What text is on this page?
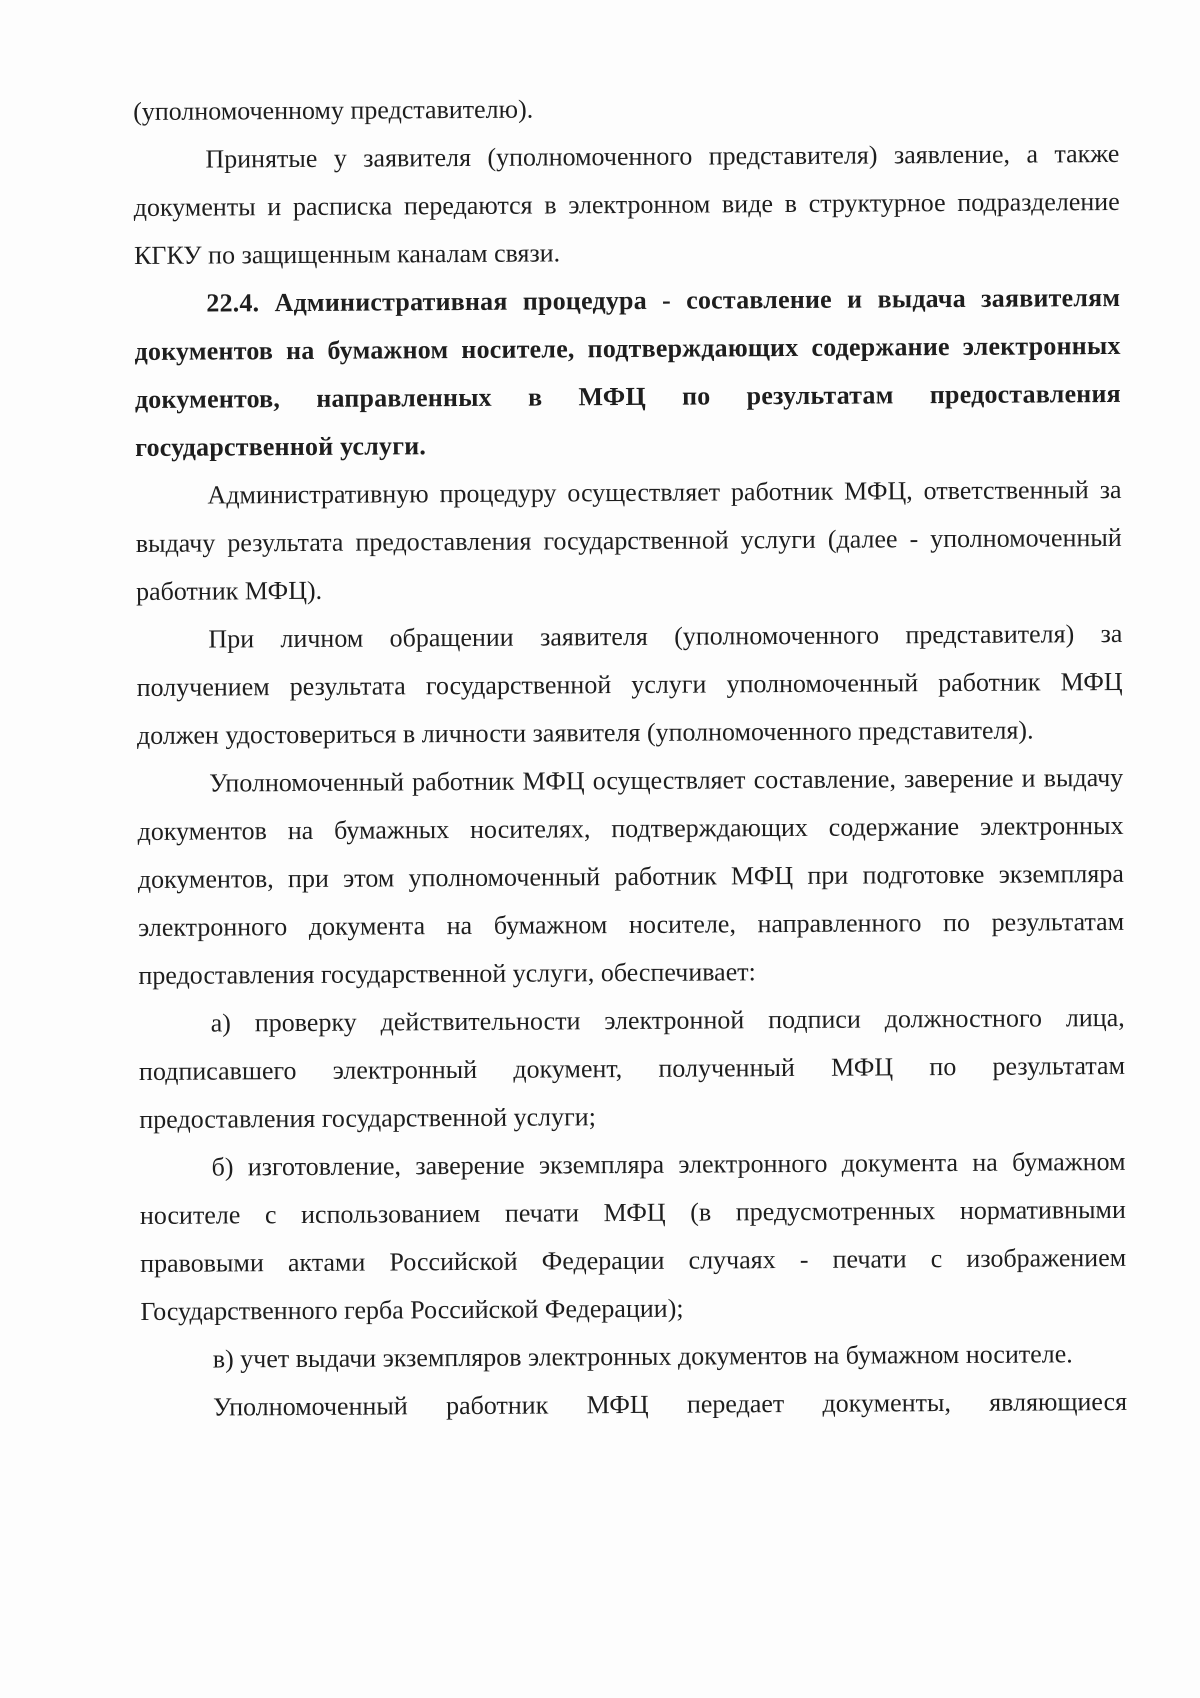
(уполномоченному представителю).

Принятые у заявителя (уполномоченного представителя) заявление, а также документы и расписка передаются в электронном виде в структурное подразделение КГКУ по защищенным каналам связи.

22.4. Административная процедура - составление и выдача заявителям документов на бумажном носителе, подтверждающих содержание электронных документов, направленных в МФЦ по результатам предоставления государственной услуги.

Административную процедуру осуществляет работник МФЦ, ответственный за выдачу результата предоставления государственной услуги (далее - уполномоченный работник МФЦ).

При личном обращении заявителя (уполномоченного представителя) за получением результата государственной услуги уполномоченный работник МФЦ должен удостовериться в личности заявителя (уполномоченного представителя).

Уполномоченный работник МФЦ осуществляет составление, заверение и выдачу документов на бумажных носителях, подтверждающих содержание электронных документов, при этом уполномоченный работник МФЦ при подготовке экземпляра электронного документа на бумажном носителе, направленного по результатам предоставления государственной услуги, обеспечивает:

а) проверку действительности электронной подписи должностного лица, подписавшего электронный документ, полученный МФЦ по результатам предоставления государственной услуги;

б) изготовление, заверение экземпляра электронного документа на бумажном носителе с использованием печати МФЦ (в предусмотренных нормативными правовыми актами Российской Федерации случаях - печати с изображением Государственного герба Российской Федерации);

в) учет выдачи экземпляров электронных документов на бумажном носителе.

Уполномоченный работник МФЦ передает документы, являющиеся
